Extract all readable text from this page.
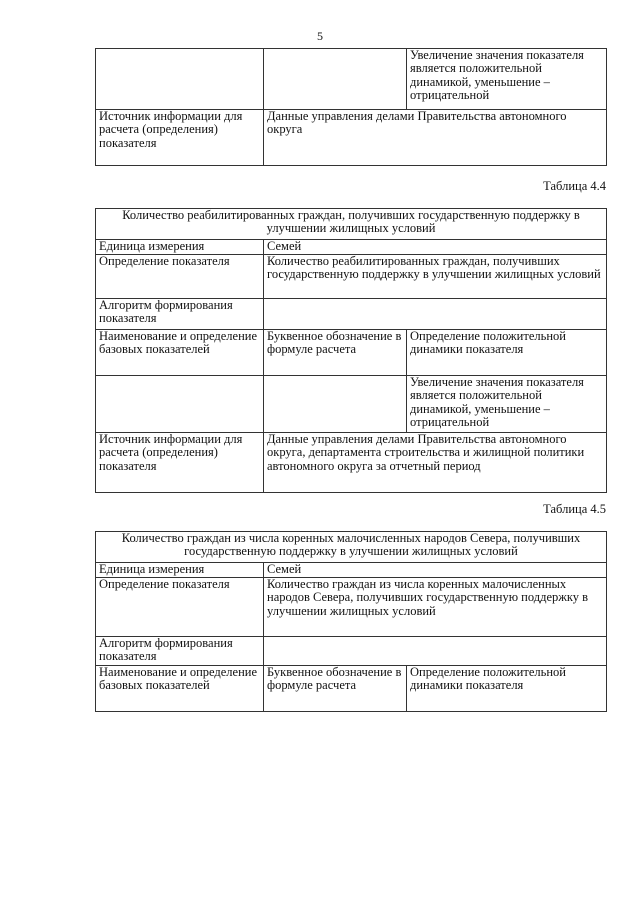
5
		Увеличение значения показателя является положительной динамикой, уменьшение – отрицательной
Источник информации для расчета (определения) показателя	Данные управления делами Правительства автономного округа	
Таблица 4.4
Количество реабилитированных граждан, получивших государственную поддержку в улучшении жилищных условий		
Единица измерения	Семей	
Определение показателя	Количество реабилитированных граждан, получивших государственную поддержку в улучшении жилищных условий	
Алгоритм формирования показателя		
Наименование и определение базовых показателей	Буквенное обозначение в формуле расчета	Определение положительной динамики показателя
		Увеличение значения показателя является положительной динамикой, уменьшение – отрицательной
Источник информации для расчета (определения) показателя	Данные управления делами Правительства автономного округа, департамента строительства и жилищной политики автономного округа за отчетный период	
Таблица 4.5
Количество граждан из числа коренных малочисленных народов Севера, получивших государственную поддержку в улучшении жилищных условий		
Единица измерения	Семей	
Определение показателя	Количество граждан из числа коренных малочисленных народов Севера, получивших государственную поддержку в улучшении жилищных условий	
Алгоритм формирования показателя		
Наименование и определение базовых показателей	Буквенное обозначение в формуле расчета	Определение положительной динамики показателя
